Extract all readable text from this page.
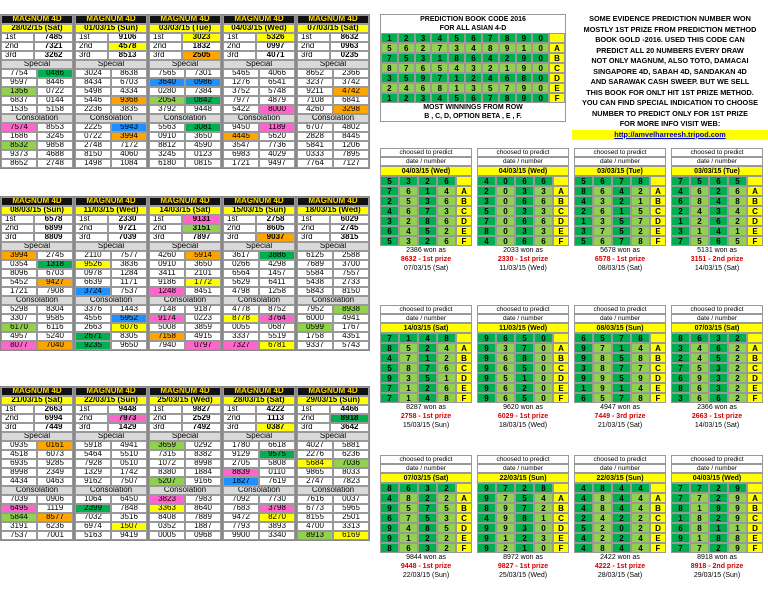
MAGNUM 4D
28/02/15 (Sat)
1st	7485
2nd	7321
3rd	3262
Special
7754	0486
9597	8446
1356	0722
6837	0144
1535	5158
Consolation
7574	8553
1686	3245
8532	9858
9373	4688
8652	2748
MAGNUM 4D
01/03/15 (Sun)
1st	9106
2nd	4578
3rd	8513
Special
3024	8638
8434	6703
5498	4334
5446	9368
2236	3835
Consolation
2225	5943
0722	3994
2748	7172
8150	4060
1498	1084
MAGNUM 4D
03/03/15 (Tue)
1st	3023
2nd	1832
3rd	2505
Special
7565	7301
3640	0986
0280	7384
2054	0842
3792	9448
Consolation
5563	3081
0910	3650
8812	4590
3245	0123
6180	0815
MAGNUM 4D
04/03/15 (Wed)
1st	5326
2nd	0997
3rd	4071
Special
5465	4066
1276	6541
3752	5748
7977	4879
5422	8000
Consolation
9450	1189
4445	5620
3547	7736
6983	4029
1721	9497
MAGNUM 4D
07/03/15 (Sat)
1st	8632
2nd	0963
3rd	0235
Special
8652	2366
3237	3742
9211	4742
7108	6841
4260	3298
Consolation
6707	4802
2828	8445
5841	1206
0333	7895
7764	7127
MAGNUM 4D
08/03/15 (Sun)
1st	6578
2nd	6899
3rd	8809
Special
3994	2745
0354	1318
8096	6703
5452	9427
1721	7908
Consolation
5298	8304
3307	9585
6170	6116
4957	5240
8077	7040
MAGNUM 4D
11/03/15 (Wed)
1st	2330
2nd	9721
3rd	7039
Special
2110	7577
9526	3836
0978	1284
6639	1171
3724	7537
Consolation
3376	1443
4556	5952
2663	6076
2671	8305
9235	9650
MAGNUM 4D
14/03/15 (Sat)
1st	9131
2nd	3151
3rd	7897
Special
4260	5914
0910	3650
3411	2101
9186	1772
1248	8451
Consolation
7148	9187
9174	0223
5008	3859
7158	4915
7940	0797
MAGNUM 4D
15/03/15 (Sun)
1st	2758
2nd	8605
3rd	9037
Special
3617	3886
0266	4298
6564	1457
5629	6411
4798	1258
Consolation
4778	8752
8778	3764
0055	0687
3337	5519
7327	6781
MAGNUM 4D
18/03/15 (Wed)
1st	6029
2nd	2745
3rd	3815
Special
6125	2588
7689	3700
5584	7557
5438	2733
5843	8150
Consolation
7952	8938
6000	4941
0599	1767
1758	4351
9337	5743
MAGNUM 4D
21/03/15 (Sat)
1st	2663
2nd	6994
3rd	7449
Special
0935	0161
4518	6073
6935	9285
8998	2349
4434	0463
Consolation
7039	0906
6495	1119
5844	8577
3191	6236
7537	7001
MAGNUM 4D
22/03/15 (Sun)
1st	9448
2nd	7973
3rd	1429
Special
5918	4941
5464	5510
7928	0510
1329	1742
9162	7507
Consolation
1064	6450
2399	7848
7032	3516
6974	1507
5163	9419
MAGNUM 4D
25/03/15 (Wed)
1st	9827
2nd	2529
3rd	7492
Special
3659	0292
7315	8382
1072	8998
8380	1884
5207	9166
Consolation
3823	7983
3363	8640
8408	7889
0352	1887
0005	0968
MAGNUM 4D
28/03/15 (Sat)
1st	4222
2nd	1113
3rd	0387
Special
1780	6618
9129	9575
2705	5808
8839	0110
1827	7619
Consolation
7092	7730
7683	3798
9472	8270
7793	3893
9900	3340
MAGNUM 4D
29/03/15 (Sun)
1st	4466
2nd	8918
3rd	3642
Special
4027	5881
2276	6236
5684	7036
9865	8033
2747	7823
Consolation
7616	0037
6773	5965
8155	2501
4700	3313
8913	6169
PREDICTION BOOK CODE 2016
FOR ALL ASIAN 4-D
1	2	3	4	5	6	7	8	9	0
5	6	2	7	3	4	8	9	1	0	A
7	5	3	1	8	6	4	2	9	0	B
8	7	6	5	4	3	2	1	9	0	C
3	5	9	7	1	2	4	6	8	0	D
2	4	6	8	1	3	5	7	9	0	E
1	2	3	4	5	6	7	8	9	0	F
MOST WINNINGS FROM ROW
B , C, D, OPTION BETA , E , F.
SOME EVIDENCE PREDICTION NUMBER WON
MOSTLY 1ST PRIZE FROM PREDICTION METHOD
BOOK GOLD -2016. USED THIS CODE CAN
PREDICT ALL 20 NUMBERS EVERY DRAW
NOT ONLY MAGNUM, ALSO TOTO, DAMACAI
SINGAPORE 4D, SABAH 4D, SANDAKAN 4D
AND SARAWAK CASH SWEEP. BUT WE SELL
THIS BOOK FOR ONLT HIT 1ST PRIZE METHOD.
YOU CAN FIND SPECIAL INDICATION TO CHOOSE
NUMBER TO PREDICT ONLY FOR 1ST PRIZE
FOR MORE INFO VISIT WEB:
http://amvelharreesh.tripod.com
choosed to predict
date / number
04/03/15 (Wed)
5	3	2	6
7	6	1	4	A
2	5	3	6	B
4	6	7	3	C
3	2	8	6	D
6	4	5	2	E
5	3	2	6	F
2386 won as
8632 - 1st prize
07/03/15 (Sat)
choosed to predict
date / number
04/03/15 (Wed)
4	0	6	6
2	0	3	3	A
3	0	6	6	B
5	0	3	3	C
7	0	6	6	D
8	0	3	3	E
4	0	6	6	F
2033 won as
2330 - 1st prize
11/03/15 (Wed)
choosed to predict
date / number
03/03/15 (Tue)
5	6	7	8
8	6	4	2	A
4	3	2	1	B
2	6	1	5	C
1	3	5	7	D
3	7	5	2	E
5	6	7	8	F
5678 won as
6578 - 1st prize
08/03/15 (Sat)
choosed to predict
date / number
03/03/15 (Tue)
7	5	6	5
4	6	2	6	A
6	8	4	8	B
2	4	3	4	C
1	2	6	2	D
3	1	4	1	E
7	5	6	5	F
5131 won as
3151 - 2nd prize
14/03/15 (Sat)
choosed to predict
date / number
14/03/15 (Sat)
7	1	4	8
8	5	2	4	A
4	7	1	2	B
5	8	7	6	C
9	3	5	1	D
7	1	2	6	E
7	1	4	8	F
8287 won as
2758 - 1st prize
15/03/15 (Sun)
choosed to predict
date / number
11/03/15 (Wed)
9	6	5	0
9	3	7	0	A
9	6	8	0	B
9	6	5	0	C
9	5	1	0	D
9	6	2	0	E
9	6	5	0	F
9620 won as
6029 - 1st prize
18/03/15 (Wed)
choosed to predict
date / number
08/03/15 (Sun)
6	5	7	8
9	7	1	4	A
9	8	5	8	B
3	8	7	7	C
9	9	5	9	D
1	9	1	4	E
6	5	7	8	F
4947 won as
7449 - 3rd prize
21/03/15 (Sat)
choosed to predict
date / number
07/03/15 (Sat)
8	6	3	2
3	4	6	2	A
2	4	5	2	B
7	5	3	2	C
6	9	3	2	D
8	6	3	2	E
3	6	6	2	F
2366 won as
2663 - 1st prize
14/03/15 (Sat)
choosed to predict
date / number
07/03/15 (Sat)
8	6	3	2
4	8	2	2	A
9	5	7	5	B
6	7	5	3	C
9	4	8	5	D
9	1	2	2	E
8	6	3	2	F
9844 won as
9448 - 1st prize
22/03/15 (Sun)
choosed to predict
date / number
22/03/15 (Sun)
9	7	2	8
9	7	5	4	A
8	9	7	2	B
4	9	8	1	C
9	9	3	0	D
9	1	2	3	E
9	2	1	0	F
8972 won as
9827 - 1st prize
25/03/15 (Wed)
choosed to predict
date / number
22/03/15 (Sun)
4	8	4	4
4	8	4	4	A
4	8	4	4	B
2	4	2	2	C
5	2	0	2	D
4	2	2	4	E
4	8	4	4	F
2422 won as
4222 - 1st prize
28/03/15 (Sat)
choosed to predict
date / number
04/03/15 (Wed)
7	7	2	9
7	7	2	9	A
8	1	9	9	B
1	8	2	9	C
6	8	1	1	D
9	1	8	8	E
7	7	2	9	F
8918 won as
8918 - 2nd prize
29/03/15 (Sun)
